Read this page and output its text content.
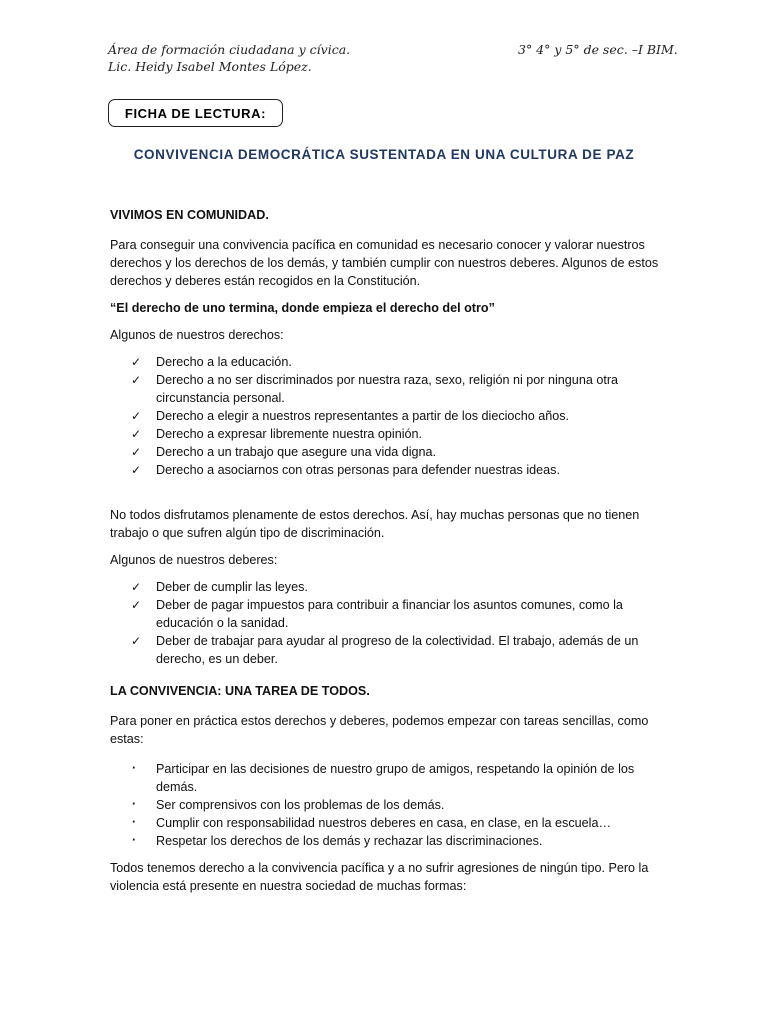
Área de formación ciudadana y cívica.
Lic. Heidy Isabel Montes López.
3° 4° y 5° de sec. –I BIM.
FICHA DE LECTURA:
CONVIVENCIA DEMOCRÁTICA SUSTENTADA EN UNA CULTURA DE PAZ
VIVIMOS EN COMUNIDAD.

Para conseguir una convivencia pacífica en comunidad es necesario conocer y valorar nuestros derechos y los derechos de los demás, y también cumplir con nuestros deberes. Algunos de estos derechos y deberes están recogidos en la Constitución.

“El derecho de uno termina, donde empieza el derecho del otro”

Algunos de nuestros derechos:

✓ Derecho a la educación.
✓ Derecho a no ser discriminados por nuestra raza, sexo, religión ni por ninguna otra circunstancia personal.
✓ Derecho a elegir a nuestros representantes a partir de los dieciocho años.
✓ Derecho a expresar libremente nuestra opinión.
✓ Derecho a un trabajo que asegure una vida digna.
✓ Derecho a asociarnos con otras personas para defender nuestras ideas.

No todos disfrutamos plenamente de estos derechos. Así, hay muchas personas que no tienen trabajo o que sufren algún tipo de discriminación.

Algunos de nuestros deberes:

✓ Deber de cumplir las leyes.
✓ Deber de pagar impuestos para contribuir a financiar los asuntos comunes, como la educación o la sanidad.
✓ Deber de trabajar para ayudar al progreso de la colectividad. El trabajo, además de un derecho, es un deber.
LA CONVIVENCIA: UNA TAREA DE TODOS.

Para poner en práctica estos derechos y deberes, podemos empezar con tareas sencillas, como estas:

· Participar en las decisiones de nuestro grupo de amigos, respetando la opinión de los demás.
· Ser comprensivos con los problemas de los demás.
· Cumplir con responsabilidad nuestros deberes en casa, en clase, en la escuela…
· Respetar los derechos de los demás y rechazar las discriminaciones.

Todos tenemos derecho a la convivencia pacífica y a no sufrir agresiones de ningún tipo. Pero la violencia está presente en nuestra sociedad de muchas formas:
